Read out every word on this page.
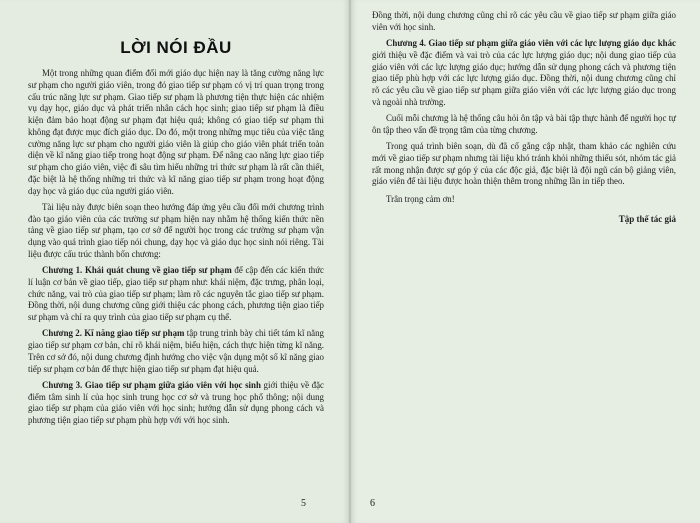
LỜI NÓI ĐẦU

Một trong những quan điểm đổi mới giáo dục hiện nay là tăng cường năng lực sư phạm cho người giáo viên, trong đó giao tiếp sư phạm có vị trí quan trọng trong cấu trúc năng lực sư phạm. Giao tiếp sư phạm là phương tiện thực hiện các nhiệm vụ dạy học, giáo dục và phát triển nhân cách học sinh; giao tiếp sư phạm là điều kiện đảm bảo hoạt động sư phạm đạt hiệu quả; không có giao tiếp sư phạm thì không đạt được mục đích giáo dục. Do đó, một trong những mục tiêu của việc tăng cường năng lực sư phạm cho người giáo viên là giúp cho giáo viên phát triển toàn diện về kĩ năng giao tiếp trong hoạt động sư phạm. Để nâng cao năng lực giao tiếp sư phạm cho giáo viên, việc đi sâu tìm hiểu những tri thức sư phạm là rất cần thiết, đặc biệt là hệ thống những tri thức và kĩ năng giao tiếp sư phạm trong hoạt động dạy học và giáo dục của người giáo viên.

Tài liệu này được biên soạn theo hướng đáp ứng yêu cầu đổi mới chương trình đào tạo giáo viên của các trường sư phạm hiện nay nhằm hệ thống kiến thức nền tảng về giao tiếp sư phạm, tạo cơ sở để người học trong các trường sư phạm vận dụng vào quá trình giao tiếp nói chung, dạy học và giáo dục học sinh nói riêng. Tài liệu được cấu trúc thành bốn chương:

Chương 1. Khái quát chung về giao tiếp sư phạm để cập đến các kiến thức lí luận cơ bản về giao tiếp, giao tiếp sư phạm như: khái niệm, đặc trưng, phân loại, chức năng, vai trò của giao tiếp sư phạm; làm rõ các nguyên tắc giao tiếp sư phạm. Đồng thời, nội dung chương cũng giới thiệu các phong cách, phương tiện giao tiếp sư phạm và chỉ ra quy trình của giao tiếp sư phạm cụ thể.

Chương 2. Kĩ năng giao tiếp sư phạm tập trung trình bày chi tiết tám kĩ năng giao tiếp sư phạm cơ bản, chỉ rõ khái niệm, biểu hiện, cách thực hiện từng kĩ năng. Trên cơ sở đó, nội dung chương định hướng cho việc vận dụng một số kĩ năng giao tiếp sư phạm cơ bản để thực hiện giao tiếp sư phạm đạt hiệu quả.

Chương 3. Giao tiếp sư phạm giữa giáo viên với học sinh giới thiệu về đặc điểm tâm sinh lí của học sinh trung học cơ sở và trung học phổ thông; nội dung giao tiếp sư phạm của giáo viên với học sinh; hướng dẫn sử dụng phong cách và phương tiện giao tiếp sư phạm phù hợp với với học sinh.

5

Đồng thời, nội dung chương cũng chỉ rõ các yêu cầu về giao tiếp sư phạm giữa giáo viên với học sinh.

Chương 4. Giao tiếp sư phạm giữa giáo viên với các lực lượng giáo dục khác giới thiệu về đặc điểm và vai trò của các lực lượng giáo dục; nội dung giao tiếp của giáo viên với các lực lượng giáo dục; hướng dẫn sử dụng phong cách và phương tiện giao tiếp phù hợp với các lực lượng giáo dục. Đồng thời, nội dung chương cũng chỉ rõ các yêu cầu về giao tiếp sư phạm giữa giáo viên với các lực lượng giáo dục trong và ngoài nhà trường.

Cuối mỗi chương là hệ thống câu hỏi ôn tập và bài tập thực hành để người học tự ôn tập theo vấn đề trọng tâm của từng chương.

Trong quá trình biên soạn, dù đã cố gắng cập nhật, tham khảo các nghiên cứu mới về giao tiếp sư phạm nhưng tài liệu khó tránh khỏi những thiếu sót, nhóm tác giả rất mong nhận được sự góp ý của các độc giả, đặc biệt là đội ngũ cán bộ giảng viên, giáo viên để tài liệu được hoàn thiện thêm trong những lần in tiếp theo.

Trân trọng cảm ơn!

Tập thể tác giả

6
